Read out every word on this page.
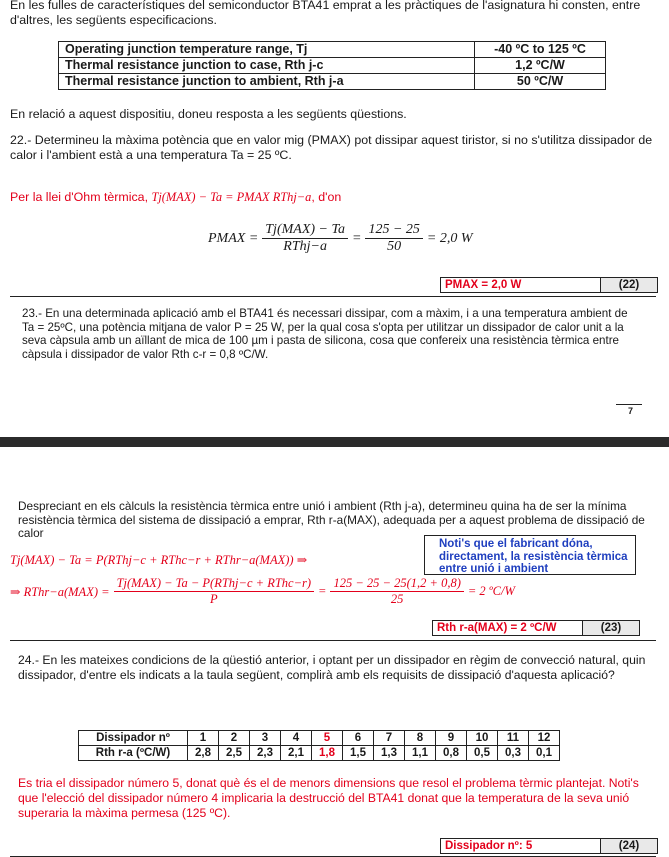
En les fulles de característiques del semiconductor BTA41 emprat a les pràctiques de l'asignatura hi consten, entre d'altres, les següents especificacions.
Operating junction temperature range, Tj	-40 ºC to 125 ºC
Thermal resistance junction to case, Rth j-c	1,2 ºC/W
Thermal resistance junction to ambient, Rth j-a	50 ºC/W
En relació a aquest dispositiu, doneu resposta a les següents qüestions.
22.- Determineu la màxima potència que en valor mig (PMAX) pot dissipar aquest tiristor, si no s'utilitza dissipador de calor i l'ambient està a una temperatura Ta = 25 ºC.
Per la llei d'Ohm tèrmica, Tj(MAX) − Ta = PMAX RThj−a, d'on
PMAX = $\frac{\text{Tj(MAX) − Ta}}{\text{RThj−a}} = \frac{125 - 25}{50} = 2,0$ W
PMAX = 2,0 W	(22)
23.- En una determinada aplicació amb el BTA41 és necessari dissipar, com a màxim, i a una temperatura ambient de Ta = 25ºC, una potència mitjana de valor P = 25 W, per la qual cosa s'opta per utilitzar un dissipador de calor unit a la seva càpsula amb un aïllant de mica de 100 µm i pasta de silicona, cosa que confereix una resistència tèrmica entre càpsula i dissipador de valor Rth c-r = 0,8 ºC/W.
7
Despreciant en els càlculs la resistència tèrmica entre unió i ambient (Rth j-a), determineu quina ha de ser la mínima resistència tèrmica del sistema de dissipació a emprar, Rth r-a(MAX), adequada per a aquest problema de dissipació de calor
Noti's que el fabricant dóna, directament, la resistència tèrmica entre unió i ambient
Tj(MAX) − Ta = P(RThj−c + RThc−r + RThr−a(MAX)) ⇒
⇒ RThr−a(MAX) = $\frac{\text{Tj(MAX) − Ta − P(RThj−c + RThc−r)}}{P} = \frac{125 - 25 - 25(1,2 + 0,8)}{25} = 2$ ºC/W
Rth r-a(MAX) = 2 ºC/W	(23)
24.- En les mateixes condicions de la qüestió anterior, i optant per un dissipador en règim de convecció natural, quin dissipador, d'entre els indicats a la taula següent, complirà amb els requisits de dissipació d'aquesta aplicació?
Dissipador nº	1	2	3	4	5	6	7	8	9	10	11	12
Rth r-a (ºC/W)	2,8	2,5	2,3	2,1	1,8	1,5	1,3	1,1	0,8	0,5	0,3	0,1
Es tria el dissipador número 5, donat què és el de menors dimensions que resol el problema tèrmic plantejat. Noti's que l'elecció del dissipador número 4 implicaria la destrucció del BTA41 donat que la temperatura de la seva unió superaria la màxima permesa (125 ºC).
Dissipador nº: 5	(24)
